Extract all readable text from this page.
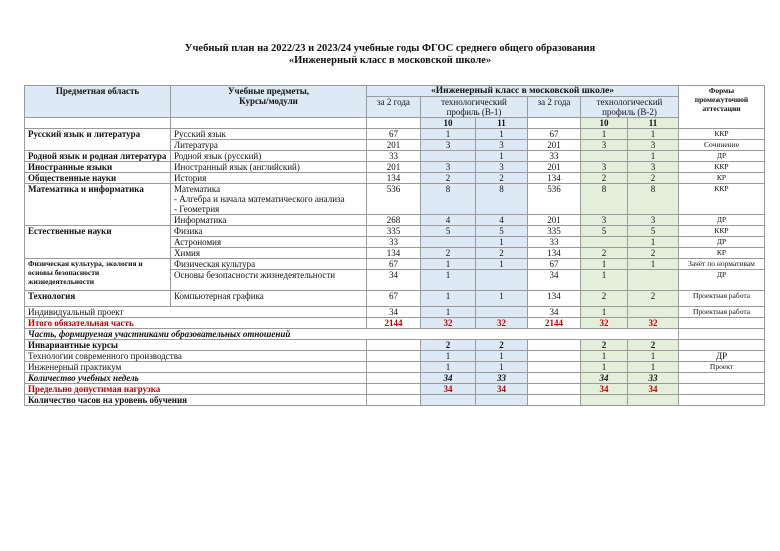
Учебный план на 2022/23 и 2023/24 учебные годы ФГОС среднего общего образования
«Инженерный класс в московской школе»
Предметная область	Учебные предметы,
Курсы/модули	«Инженерный класс в московской школе»						Формы промежуточной аттестации
		за 2 года	технологический профиль (В-1)		за 2 года	технологический профиль (В-2)		
			10	11		10	11	
Русский язык и литература	Русский язык	67	1	1	67	1	1	ККР
	Литература	201	3	3	201	3	3	Сочинение
Родной язык и родная литература	Родной язык (русский)	33		1	33		1	ДР
Иностранные языки	Иностранный язык (английский)	201	3	3	201	3	3	ККР
Общественные науки	История	134	2	2	134	2	2	КР
Математика и информатика	Математика
- Алгебра и начала математического анализа
- Геометрия	536	8	8	536	8	8	ККР
	Информатика	268	4	4	201	3	3	ДР
Естественные науки	Физика	335	5	5	335	5	5	ККР
	Астрономия	33		1	33		1	ДР
	Химия	134	2	2	134	2	2	КР
Физическая культура, экология и основы безопасности жизнедеятельности	Физическая культура	67	1	1	67	1	1	Зачёт по нормативам
	Основы безопасности жизнедеятельности	34	1		34	1		ДР
Технология	Компьютерная графика	67	1	1	134	2	2	Проектная работа
Индивидуальный проект		34	1		34	1		Проектная работа
Итого обязательная часть		2144	32	32	2144	32	32	
Часть, формируемая участниками образовательных отношений								
Инвариантные курсы			2	2		2	2	
Технологии современного производства			1	1		1	1	ДР
Инженерный практикум			1	1		1	1	Проект
Количество учебных недель			34	33		34	33	
Предельно допустимая нагрузка			34	34		34	34	
Количество часов на уровень обучения								
